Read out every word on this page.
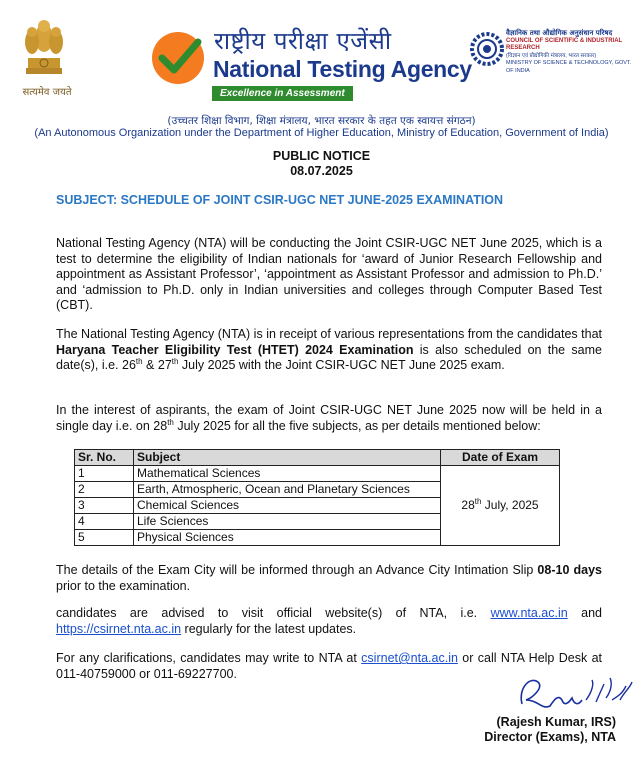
सत्यमेव जयते
राष्ट्रीय परीक्षा एजेंसी
National Testing Agency
Excellence in Assessment
वैज्ञानिक तथा औद्योगिक अनुसंधान परिषद
COUNCIL OF SCIENTIFIC & INDUSTRIAL RESEARCH
(विज्ञान एवं प्रौद्योगिकी मंत्रालय, भारत सरकार)
MINISTRY OF SCIENCE & TECHNOLOGY, GOVT. OF INDIA
(उच्चतर शिक्षा विभाग, शिक्षा मंत्रालय, भारत सरकार के तहत एक स्वायत्त संगठन)
(An Autonomous Organization under the Department of Higher Education, Ministry of Education, Government of India)
PUBLIC NOTICE
08.07.2025
SUBJECT: SCHEDULE OF JOINT CSIR-UGC NET JUNE-2025 EXAMINATION
National Testing Agency (NTA) will be conducting the Joint CSIR-UGC NET June 2025, which is a test to determine the eligibility of Indian nationals for ‘award of Junior Research Fellowship and appointment as Assistant Professor’, ‘appointment as Assistant Professor and admission to Ph.D.’ and ‘admission to Ph.D. only in Indian universities and colleges through Computer Based Test (CBT).
The National Testing Agency (NTA) is in receipt of various representations from the candidates that Haryana Teacher Eligibility Test (HTET) 2024 Examination is also scheduled on the same date(s), i.e. 26th & 27th July 2025 with the Joint CSIR-UGC NET June 2025 exam.
In the interest of aspirants, the exam of Joint CSIR-UGC NET June 2025 now will be held in a single day i.e. on 28th July 2025 for all the five subjects, as per details mentioned below:
Sr. No.	Subject	Date of Exam
1	Mathematical Sciences	28th July, 2025
2	Earth, Atmospheric, Ocean and Planetary Sciences	
3	Chemical Sciences	
4	Life Sciences	
5	Physical Sciences	
The details of the Exam City will be informed through an Advance City Intimation Slip 08-10 days prior to the examination.
candidates are advised to visit official website(s) of NTA, i.e. www.nta.ac.in and https://csirnet.nta.ac.in regularly for the latest updates.
For any clarifications, candidates may write to NTA at csirnet@nta.ac.in or call NTA Help Desk at 011-40759000 or 011-69227700.
(Rajesh Kumar, IRS)
Director (Exams), NTA
